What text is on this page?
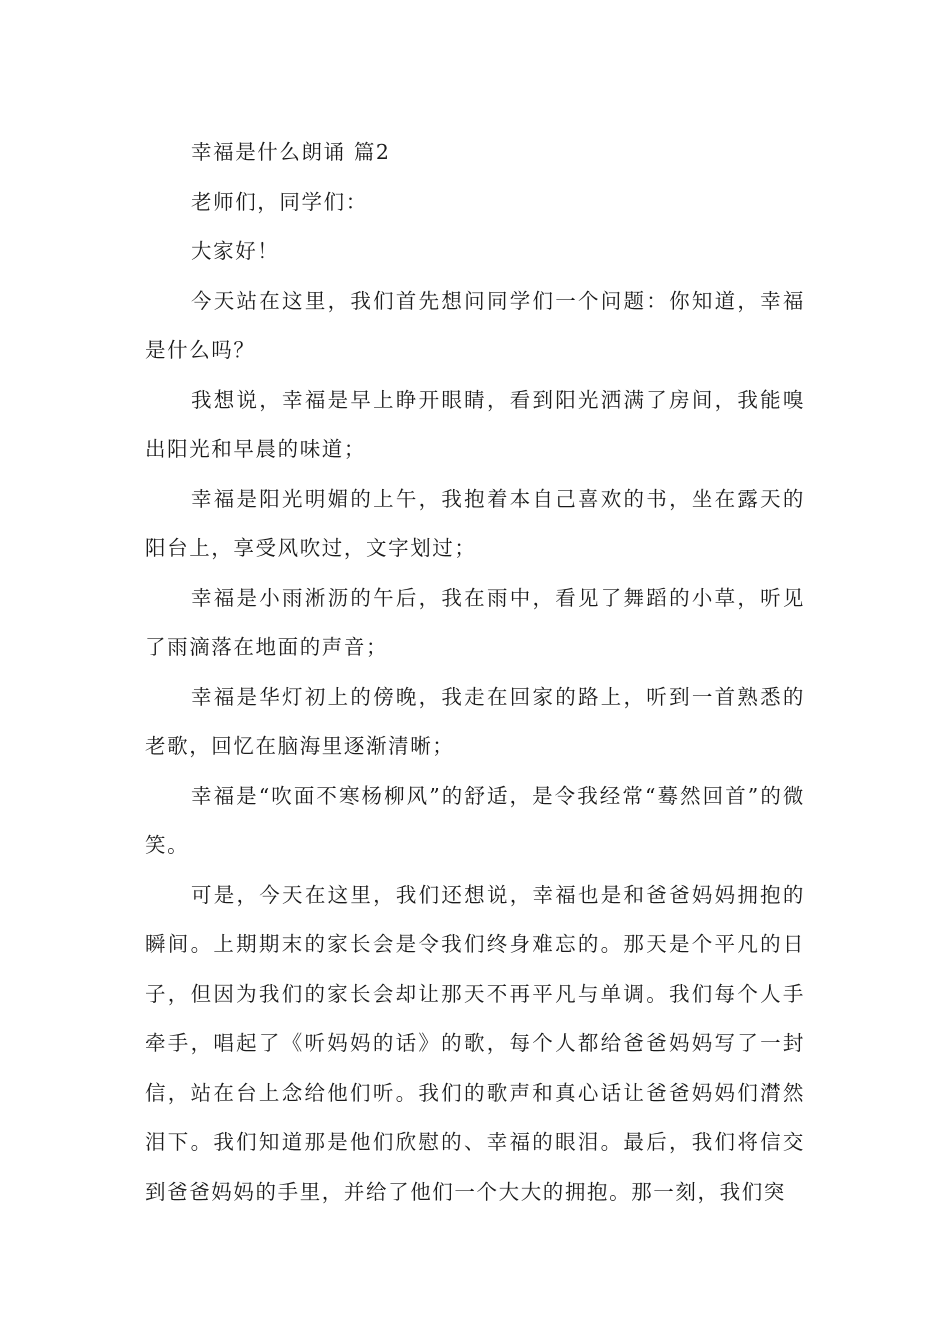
幸福是什么朗诵 篇2

老师们，同学们：

大家好！

今天站在这里，我们首先想问同学们一个问题：你知道，幸福是什么吗？

我想说，幸福是早上睁开眼睛，看到阳光洒满了房间，我能嗅出阳光和早晨的味道；

幸福是阳光明媚的上午，我抱着本自己喜欢的书，坐在露天的阳台上，享受风吹过，文字划过；

幸福是小雨淅沥的午后，我在雨中，看见了舞蹈的小草，听见了雨滴落在地面的声音；

幸福是华灯初上的傍晚，我走在回家的路上，听到一首熟悉的老歌，回忆在脑海里逐渐清晰；

幸福是“吹面不寒杨柳风”的舒适，是令我经常“蓦然回首”的微笑。

可是，今天在这里，我们还想说，幸福也是和爸爸妈妈拥抱的瞬间。上期期末的家长会是令我们终身难忘的。那天是个平凡的日子，但因为我们的家长会却让那天不再平凡与单调。我们每个人手牵手，唱起了《听妈妈的话》的歌，每个人都给爸爸妈妈写了一封信，站在台上念给他们听。我们的歌声和真心话让爸爸妈妈们潸然泪下。我们知道那是他们欣慰的、幸福的眼泪。最后，我们将信交到爸爸妈妈的手里，并给了他们一个大大的拥抱。那一刻，我们突
